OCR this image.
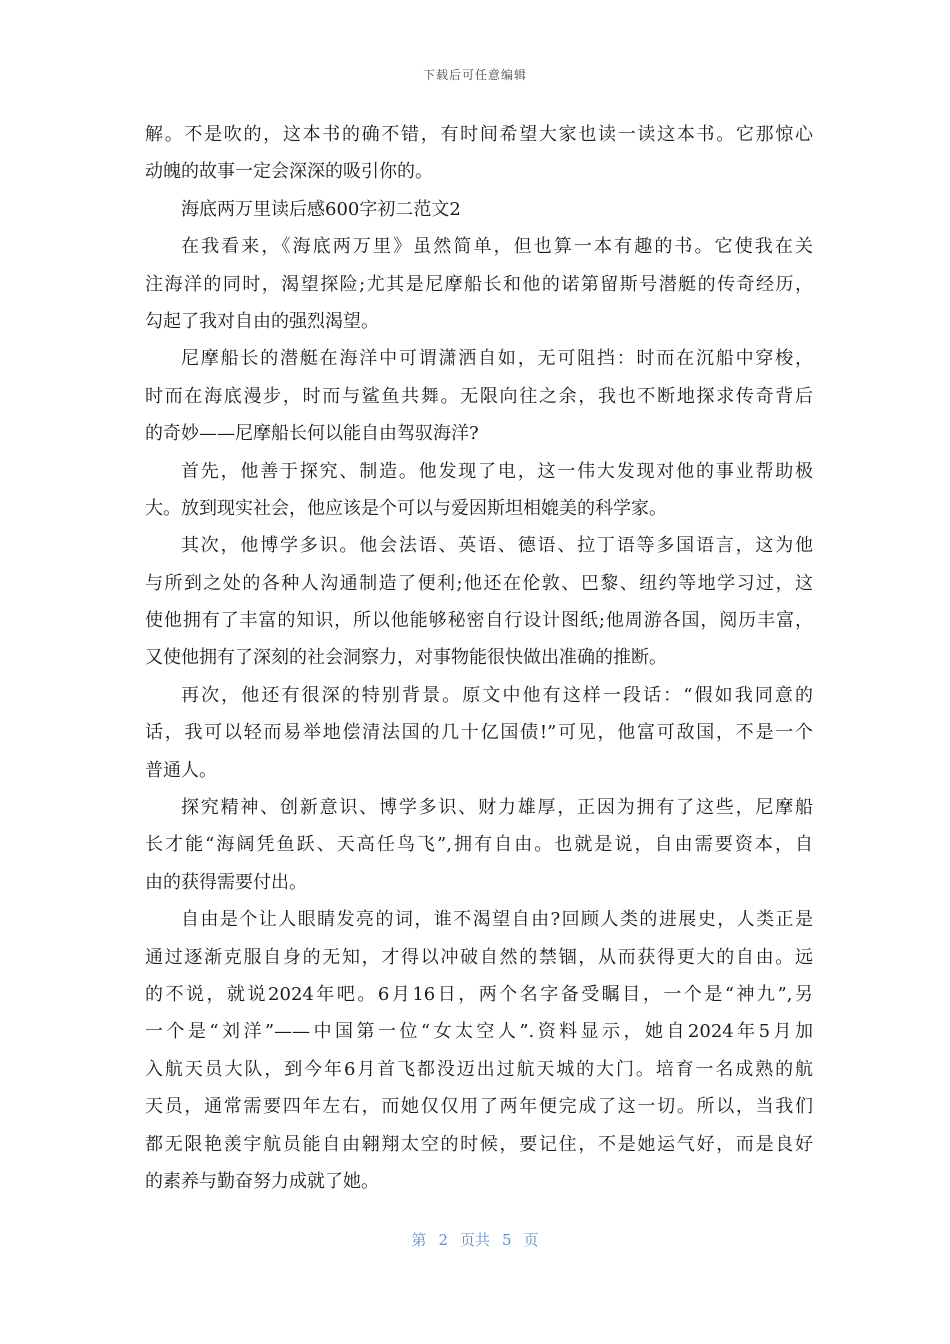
下载后可任意编辑
解。不是吹的，这本书的确不错，有时间希望大家也读一读这本书。它那惊心
动魄的故事一定会深深的吸引你的。
海底两万里读后感600字初二范文2
在我看来，《海底两万里》虽然简单，但也算一本有趣的书。它使我在关
注海洋的同时，渴望探险;尤其是尼摩船长和他的诺第留斯号潜艇的传奇经历，
勾起了我对自由的强烈渴望。
尼摩船长的潜艇在海洋中可谓潇洒自如，无可阻挡：时而在沉船中穿梭，
时而在海底漫步，时而与鲨鱼共舞。无限向往之余，我也不断地探求传奇背后
的奇妙——尼摩船长何以能自由驾驭海洋?
首先，他善于探究、制造。他发现了电，这一伟大发现对他的事业帮助极
大。放到现实社会，他应该是个可以与爱因斯坦相媲美的科学家。
其次，他博学多识。他会法语、英语、德语、拉丁语等多国语言，这为他
与所到之处的各种人沟通制造了便利;他还在伦敦、巴黎、纽约等地学习过，这
使他拥有了丰富的知识，所以他能够秘密自行设计图纸;他周游各国，阅历丰富，
又使他拥有了深刻的社会洞察力，对事物能很快做出准确的推断。
再次，他还有很深的特别背景。原文中他有这样一段话：“假如我同意的
话，我可以轻而易举地偿清法国的几十亿国债!”可见，他富可敌国，不是一个
普通人。
探究精神、创新意识、博学多识、财力雄厚，正因为拥有了这些，尼摩船
长才能“海阔凭鱼跃、天高任鸟飞”,拥有自由。也就是说，自由需要资本，自
由的获得需要付出。
自由是个让人眼睛发亮的词，谁不渴望自由?回顾人类的进展史，人类正是
通过逐渐克服自身的无知，才得以冲破自然的禁锢，从而获得更大的自由。远
的不说，就说2024年吧。6月16日，两个名字备受瞩目，一个是“神九”,另
一个是“刘洋”——中国第一位“女太空人”.资料显示，她自2024年5月加
入航天员大队，到今年6月首飞都没迈出过航天城的大门。培育一名成熟的航
天员，通常需要四年左右，而她仅仅用了两年便完成了这一切。所以，当我们
都无限艳羡宇航员能自由翱翔太空的时候，要记住，不是她运气好，而是良好
的素养与勤奋努力成就了她。
第 2 页共 5 页
